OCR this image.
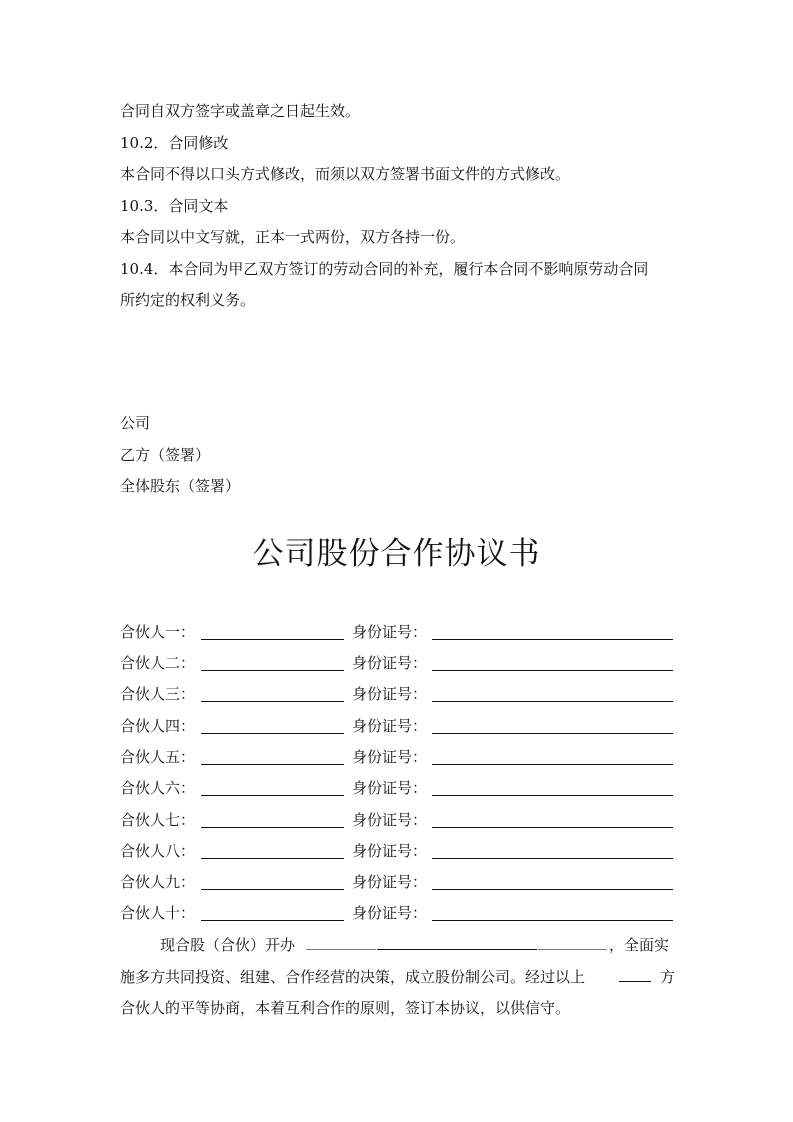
合同自双方签字或盖章之日起生效。
10.2．合同修改
本合同不得以口头方式修改，而须以双方签署书面文件的方式修改。
10.3．合同文本
本合同以中文写就，正本一式两份，双方各持一份。
10.4．本合同为甲乙双方签订的劳动合同的补充，履行本合同不影响原劳动合同
所约定的权利义务。
公司
乙方（签署）
全体股东（签署）
公司股份合作协议书
合伙人一：	身份证号：
合伙人二：	身份证号：
合伙人三：	身份证号：
合伙人四：	身份证号：
合伙人五：	身份证号：
合伙人六：	身份证号：
合伙人七：	身份证号：
合伙人八：	身份证号：
合伙人九：	身份证号：
合伙人十：	身份证号：
现合股（合伙）开办	，全面实
施多方共同投资、组建、合作经营的决策，成立股份制公司。经过以上	方
合伙人的平等协商，本着互利合作的原则，签订本协议，以供信守。
